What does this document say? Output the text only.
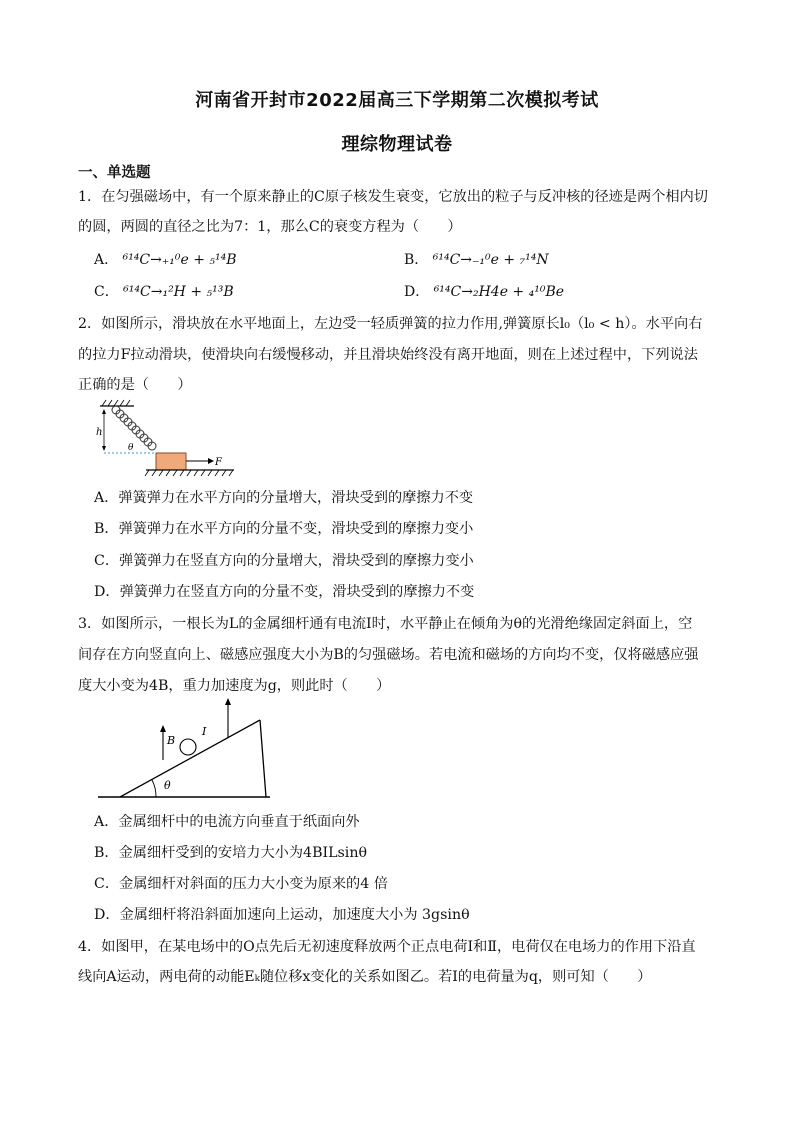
河南省开封市2022届高三下学期第二次模拟考试
理综物理试卷
一、单选题
1．在匀强磁场中，有一个原来静止的C原子核发生衰变，它放出的粒子与反冲核的径迹是两个相内切
的圆，两圆的直径之比为7：1，那么C的衰变方程为（　　）
A． ⁶¹⁴C→₊₁⁰e + ₅¹⁴B	B． ⁶¹⁴C→₋₁⁰e + ₇¹⁴N
C． ⁶¹⁴C→₁²H + ₅¹³B	D． ⁶¹⁴C→₂H4e + ₄¹⁰Be
2．如图所示，滑块放在水平地面上，左边受一轻质弹簧的拉力作用,弹簧原长l₀（l₀ < h）。水平向右
的拉力F拉动滑块，使滑块向右缓慢移动，并且滑块始终没有离开地面，则在上述过程中，下列说法
正确的是（　　）
h
θ
F
A．弹簧弹力在水平方向的分量增大，滑块受到的摩擦力不变
B．弹簧弹力在水平方向的分量不变，滑块受到的摩擦力变小
C．弹簧弹力在竖直方向的分量增大，滑块受到的摩擦力变小
D．弹簧弹力在竖直方向的分量不变，滑块受到的摩擦力不变
3．如图所示，一根长为L的金属细杆通有电流I时，水平静止在倾角为θ的光滑绝缘固定斜面上，空
间存在方向竖直向上、磁感应强度大小为B的匀强磁场。若电流和磁场的方向均不变，仅将磁感应强
度大小变为4B，重力加速度为g，则此时（　　）
θ
B
I
A．金属细杆中的电流方向垂直于纸面向外
B．金属细杆受到的安培力大小为4BILsinθ
C．金属细杆对斜面的压力大小变为原来的4 倍
D．金属细杆将沿斜面加速向上运动，加速度大小为 3gsinθ
4．如图甲，在某电场中的O点先后无初速度释放两个正点电荷Ⅰ和Ⅱ，电荷仅在电场力的作用下沿直
线向A运动，两电荷的动能Eₖ随位移x变化的关系如图乙。若Ⅰ的电荷量为q，则可知（　　）
